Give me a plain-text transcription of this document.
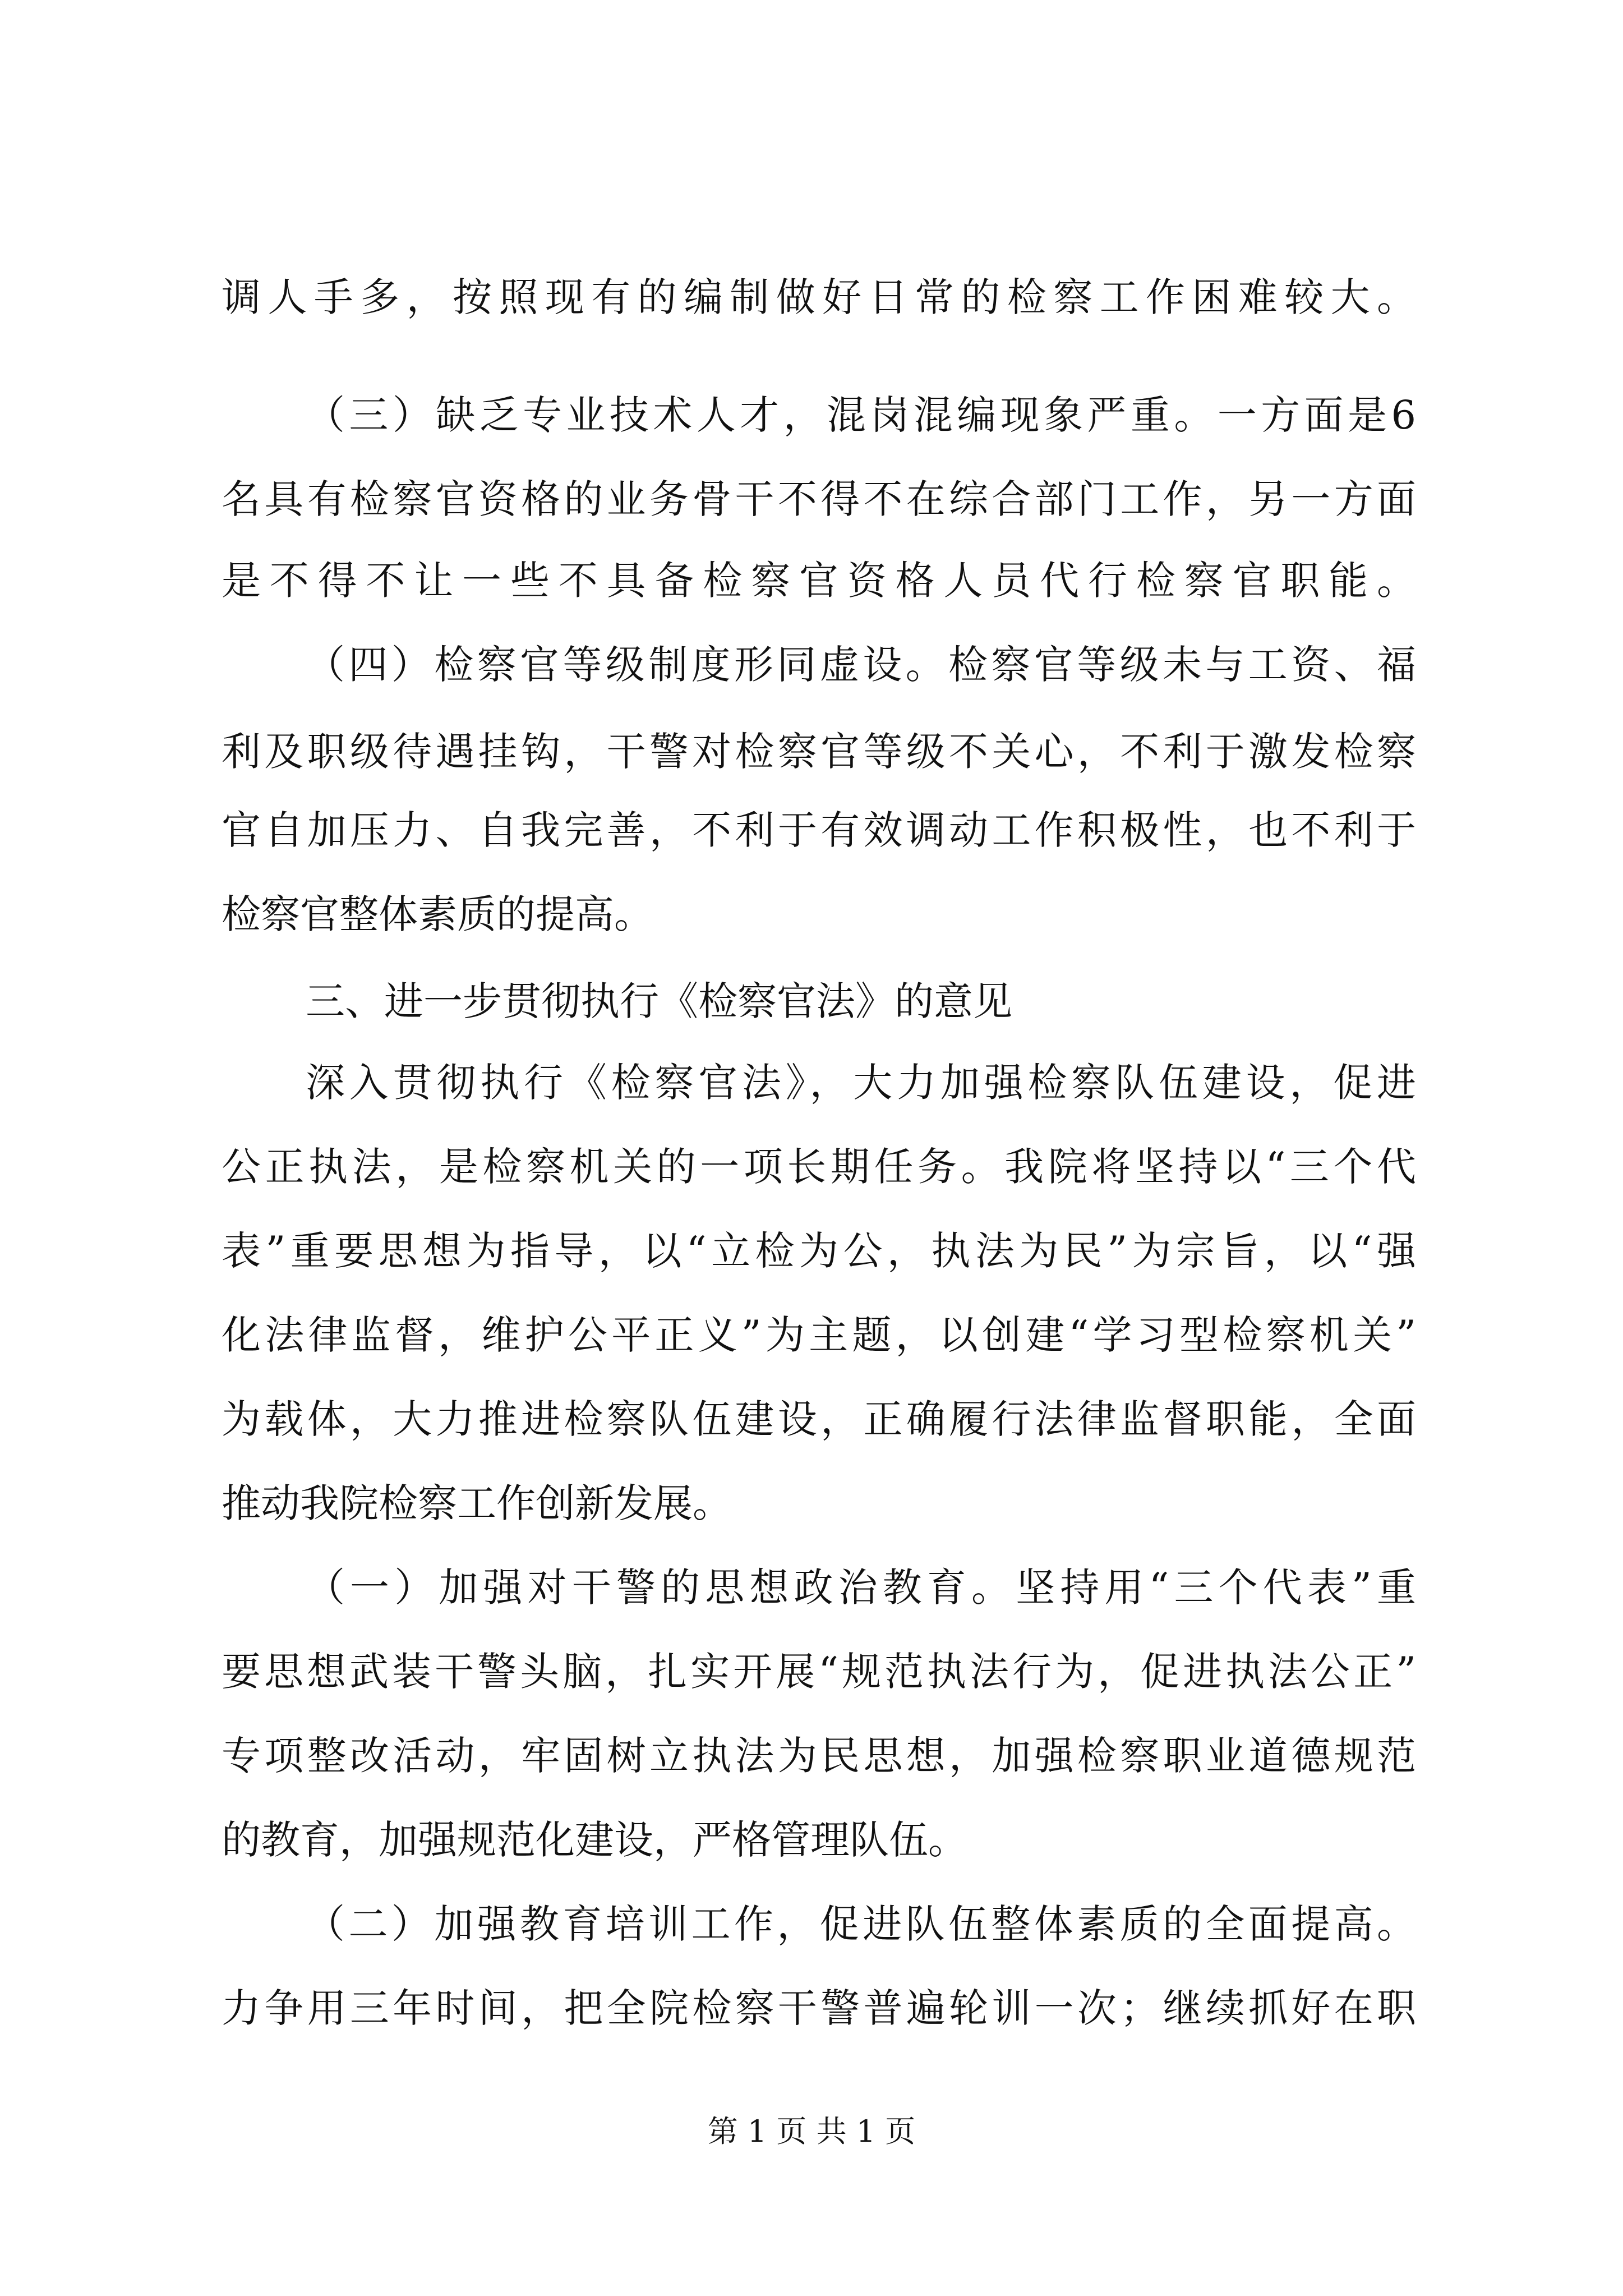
调人手多，按照现有的编制做好日常的检察工作困难较大。
（三）缺乏专业技术人才，混岗混编现象严重。一方面是6
名具有检察官资格的业务骨干不得不在综合部门工作，另一方面
是不得不让一些不具备检察官资格人员代行检察官职能。
（四）检察官等级制度形同虚设。检察官等级未与工资、福
利及职级待遇挂钩，干警对检察官等级不关心，不利于激发检察
官自加压力、自我完善，不利于有效调动工作积极性，也不利于
检察官整体素质的提高。
三、进一步贯彻执行《检察官法》的意见
深入贯彻执行《检察官法》，大力加强检察队伍建设，促进
公正执法，是检察机关的一项长期任务。我院将坚持以“三个代
表”重要思想为指导，以“立检为公，执法为民”为宗旨，以“强
化法律监督，维护公平正义”为主题，以创建“学习型检察机关”
为载体，大力推进检察队伍建设，正确履行法律监督职能，全面
推动我院检察工作创新发展。
（一）加强对干警的思想政治教育。坚持用“三个代表”重
要思想武装干警头脑，扎实开展“规范执法行为，促进执法公正”
专项整改活动，牢固树立执法为民思想，加强检察职业道德规范
的教育，加强规范化建设，严格管理队伍。
（二）加强教育培训工作，促进队伍整体素质的全面提高。
力争用三年时间，把全院检察干警普遍轮训一次；继续抓好在职
第 1 页 共 1 页
